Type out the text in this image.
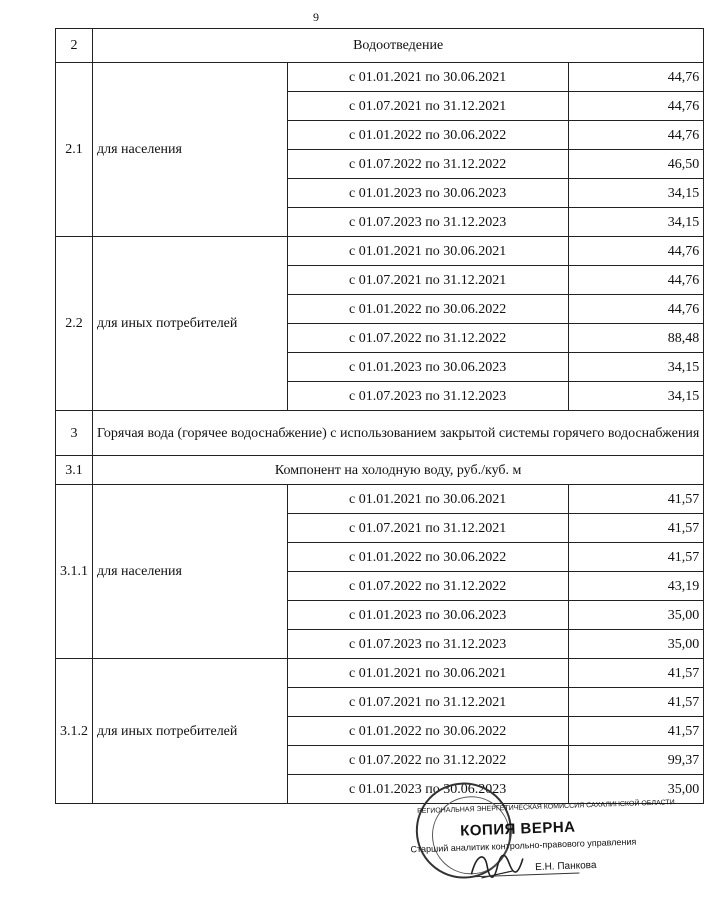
9
2	Водоотведение		
2.1	для населения	с 01.01.2021 по 30.06.2021	44,76
		с 01.07.2021 по 31.12.2021	44,76
		с 01.01.2022 по 30.06.2022	44,76
		с 01.07.2022 по 31.12.2022	46,50
		с 01.01.2023 по 30.06.2023	34,15
		с 01.07.2023 по 31.12.2023	34,15
2.2	для иных потребителей	с 01.01.2021 по 30.06.2021	44,76
		с 01.07.2021 по 31.12.2021	44,76
		с 01.01.2022 по 30.06.2022	44,76
		с 01.07.2022 по 31.12.2022	88,48
		с 01.01.2023 по 30.06.2023	34,15
		с 01.07.2023 по 31.12.2023	34,15
3	Горячая вода (горячее водоснабжение) с использованием закрытой системы горячего водоснабжения		
3.1	Компонент на холодную воду, руб./куб. м		
3.1.1	для населения	с 01.01.2021 по 30.06.2021	41,57
		с 01.07.2021 по 31.12.2021	41,57
		с 01.01.2022 по 30.06.2022	41,57
		с 01.07.2022 по 31.12.2022	43,19
		с 01.01.2023 по 30.06.2023	35,00
		с 01.07.2023 по 31.12.2023	35,00
3.1.2	для иных потребителей	с 01.01.2021 по 30.06.2021	41,57
		с 01.07.2021 по 31.12.2021	41,57
		с 01.01.2022 по 30.06.2022	41,57
		с 01.07.2022 по 31.12.2022	99,37
		с 01.01.2023 по 30.06.2023	35,00
РЕГИОНАЛЬНАЯ ЭНЕРГЕТИЧЕСКАЯ КОМИССИЯ САХАЛИНСКОЙ ОБЛАСТИ
КОПИЯ ВЕРНА
Старший аналитик контрольно-правового управления
Е.Н. Панкова
